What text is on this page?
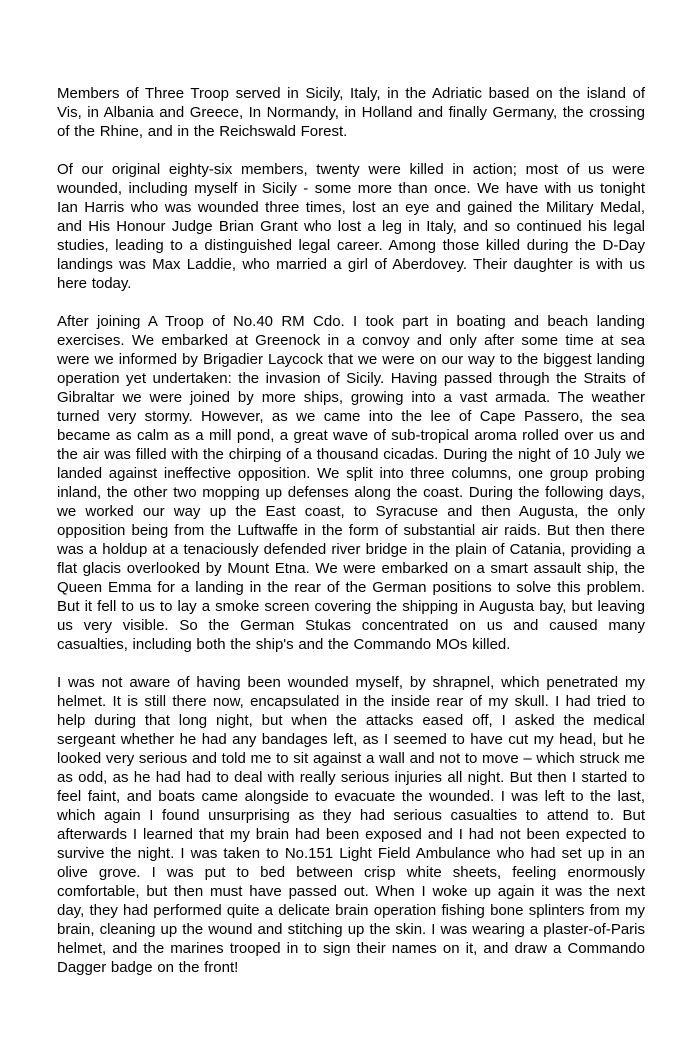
Members of Three Troop served in Sicily, Italy, in the Adriatic based on the island of Vis, in Albania and Greece, In Normandy, in Holland and finally Germany, the crossing of the Rhine, and in the Reichswald Forest.

Of our original eighty-six members, twenty were killed in action; most of us were wounded, including myself in Sicily - some more than once. We have with us tonight Ian Harris who was wounded three times, lost an eye and gained the Military Medal, and His Honour Judge Brian Grant who lost a leg in Italy, and so continued his legal studies, leading to a distinguished legal career. Among those killed during the D-Day landings was Max Laddie, who married a girl of Aberdovey. Their daughter is with us here today.

After joining A Troop of No.40 RM Cdo. I took part in boating and beach landing exercises. We embarked at Greenock in a convoy and only after some time at sea were we informed by Brigadier Laycock that we were on our way to the biggest landing operation yet undertaken: the invasion of Sicily. Having passed through the Straits of Gibraltar we were joined by more ships, growing into a vast armada. The weather turned very stormy. However, as we came into the lee of Cape Passero, the sea became as calm as a mill pond, a great wave of sub-tropical aroma rolled over us and the air was filled with the chirping of a thousand cicadas. During the night of 10 July we landed against ineffective opposition. We split into three columns, one group probing inland, the other two mopping up defenses along the coast. During the following days, we worked our way up the East coast, to Syracuse and then Augusta, the only opposition being from the Luftwaffe in the form of substantial air raids. But then there was a holdup at a tenaciously defended river bridge in the plain of Catania, providing a flat glacis overlooked by Mount Etna. We were embarked on a smart assault ship, the Queen Emma for a landing in the rear of the German positions to solve this problem. But it fell to us to lay a smoke screen covering the shipping in Augusta bay, but leaving us very visible. So the German Stukas concentrated on us and caused many casualties, including both the ship's and the Commando MOs killed.

I was not aware of having been wounded myself, by shrapnel, which penetrated my helmet. It is still there now, encapsulated in the inside rear of my skull. I had tried to help during that long night, but when the attacks eased off, I asked the medical sergeant whether he had any bandages left, as I seemed to have cut my head, but he looked very serious and told me to sit against a wall and not to move – which struck me as odd, as he had had to deal with really serious injuries all night. But then I started to feel faint, and boats came alongside to evacuate the wounded. I was left to the last, which again I found unsurprising as they had serious casualties to attend to. But afterwards I learned that my brain had been exposed and I had not been expected to survive the night. I was taken to No.151 Light Field Ambulance who had set up in an olive grove. I was put to bed between crisp white sheets, feeling enormously comfortable, but then must have passed out. When I woke up again it was the next day, they had performed quite a delicate brain operation fishing bone splinters from my brain, cleaning up the wound and stitching up the skin. I was wearing a plaster-of-Paris helmet, and the marines trooped in to sign their names on it, and draw a Commando Dagger badge on the front!
